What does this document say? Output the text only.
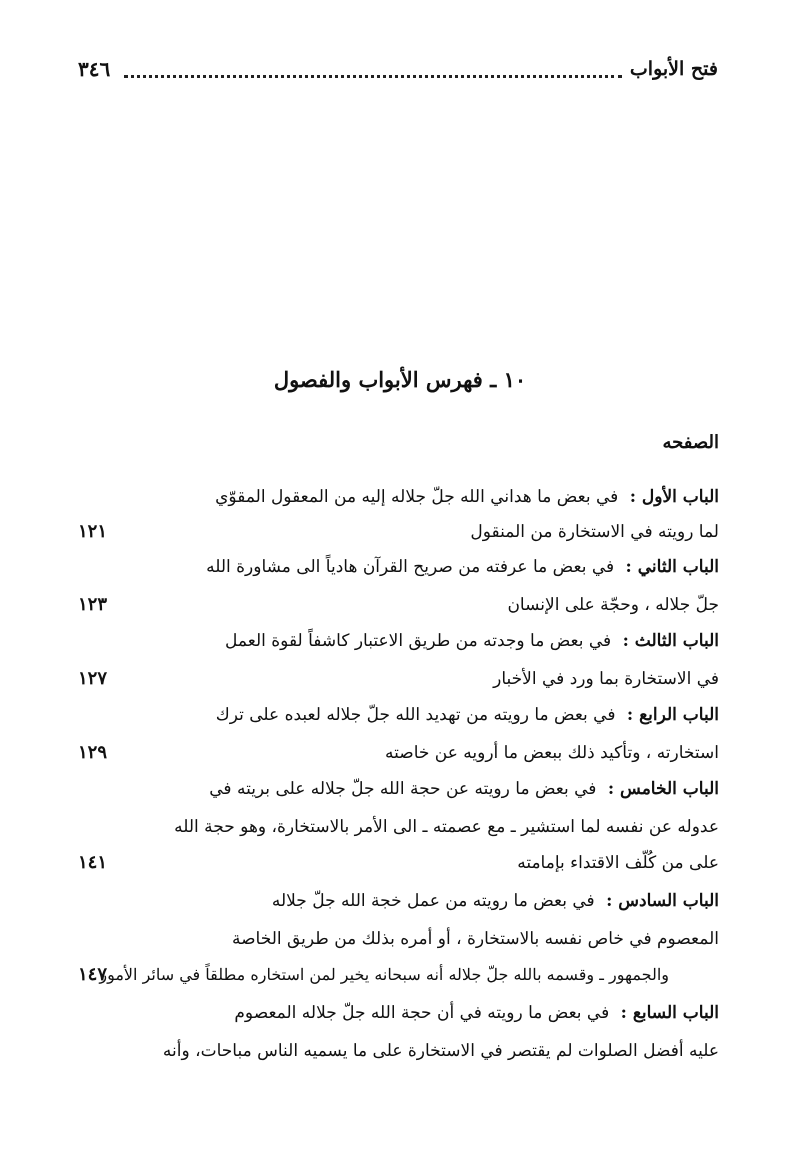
٣٤٦	فتح الأبواب
١٠ ـ فهرس الأبواب والفصول
الصفحه
الباب الأول : في بعض ما هداني الله جلّ جلاله إليه من المعقول المقوّي
لما رويته في الاستخارة من المنقول
١٢١
الباب الثاني : في بعض ما عرفته من صريح القرآن هادياً الى مشاورة الله
جلّ جلاله ، وحجّة على الإنسان
١٢٣
الباب الثالث : في بعض ما وجدته من طريق الاعتبار كاشفاً لقوة العمل
في الاستخارة بما ورد في الأخبار
١٢٧
الباب الرابع : في بعض ما رويته من تهديد الله جلّ جلاله لعبده على ترك
استخارته ، وتأكيد ذلك ببعض ما أرويه عن خاصته
١٢٩
الباب الخامس : في بعض ما رويته عن حجة الله جلّ جلاله على بريته في
عدوله عن نفسه لما استشير ـ مع عصمته ـ الى الأمر بالاستخارة، وهو حجة الله
على من كُلّف الاقتداء بإمامته
١٤١
الباب السادس : في بعض ما رويته من عمل خجة الله جلّ جلاله
المعصوم في خاص نفسه بالاستخارة ، أو أمره بذلك من طريق الخاصة
والجمهور ـ وقسمه بالله جلّ جلاله أنه سبحانه يخير لمن استخاره مطلقاً في سائر الأمور
١٤٧
الباب السابع : في بعض ما رويته في أن حجة الله جلّ جلاله المعصوم
عليه أفضل الصلوات لم يقتصر في الاستخارة على ما يسميه الناس مباحات، وأنه
